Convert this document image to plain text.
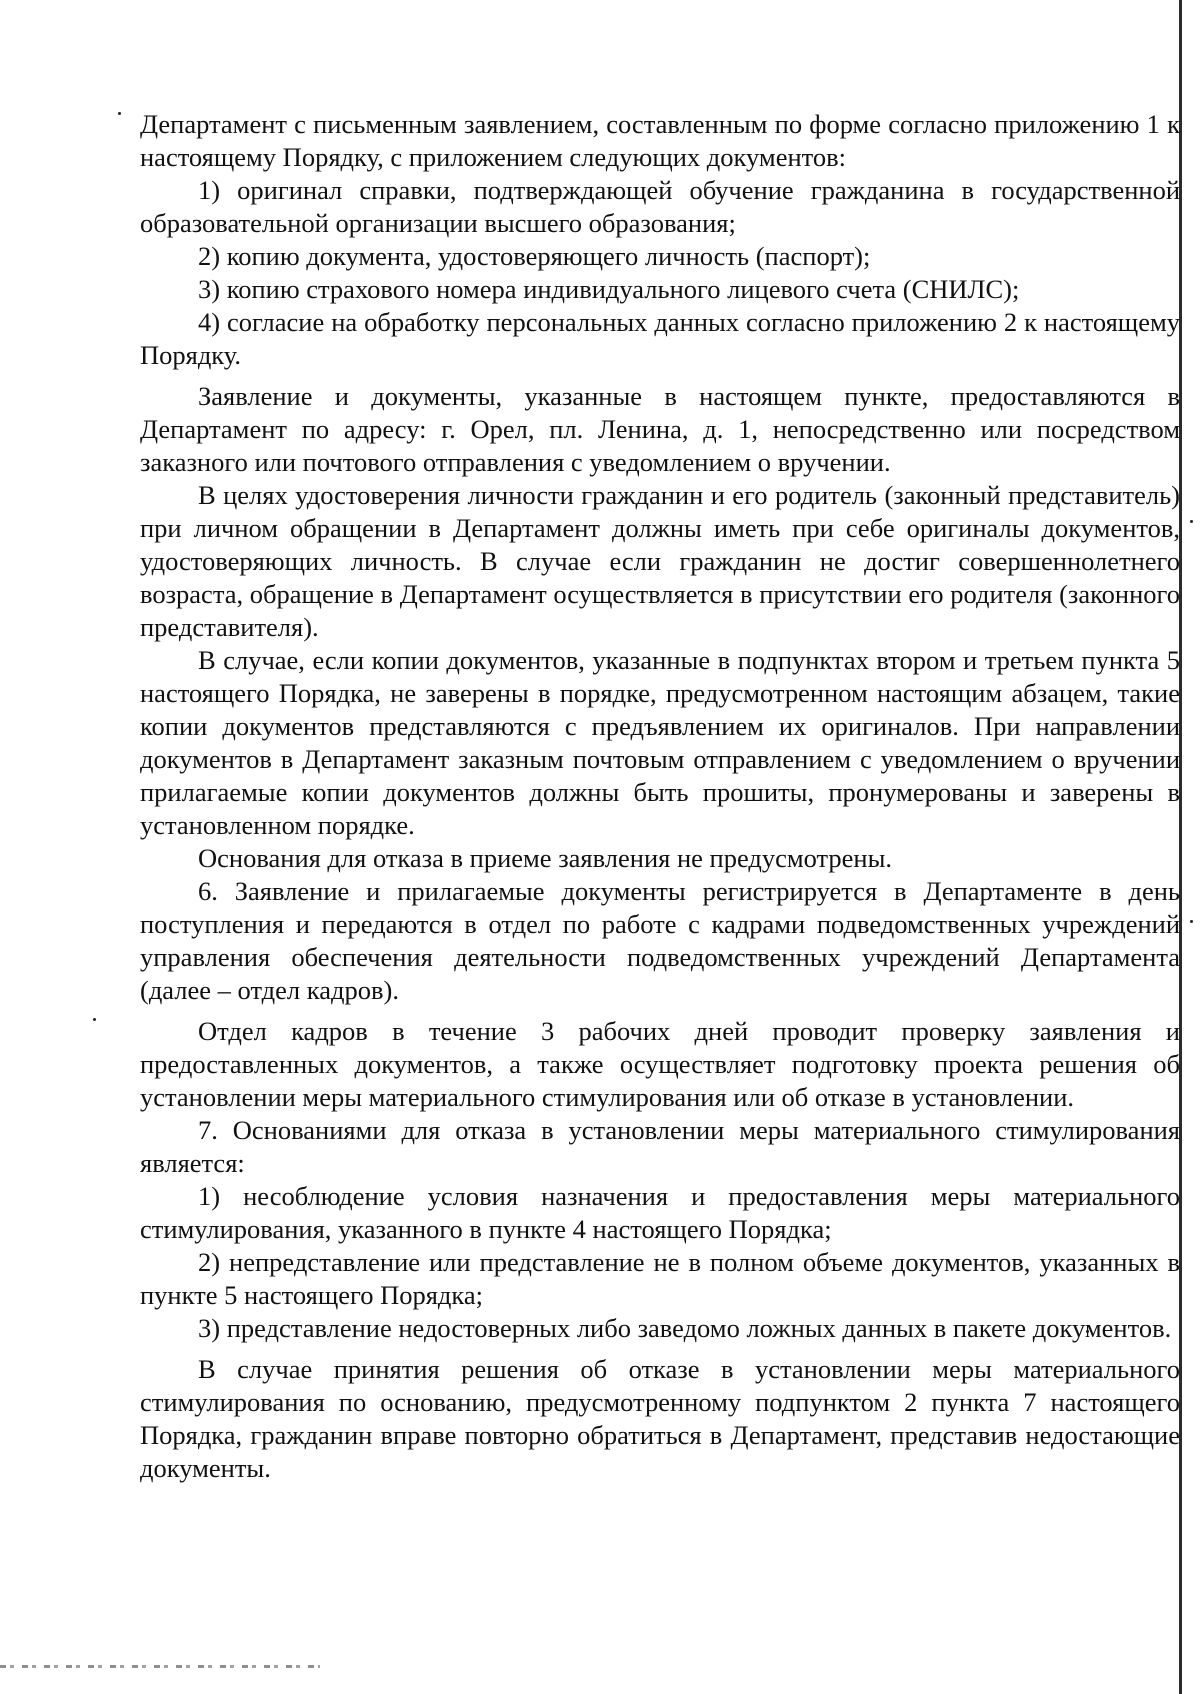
Департамент с письменным заявлением, составленным по форме согласно приложению 1 к настоящему Порядку, с приложением следующих документов:

1) оригинал справки, подтверждающей обучение гражданина в государственной образовательной организации высшего образования;

2) копию документа, удостоверяющего личность (паспорт);

3) копию страхового номера индивидуального лицевого счета (СНИЛС);

4) согласие на обработку персональных данных согласно приложению 2 к настоящему Порядку.

Заявление и документы, указанные в настоящем пункте, предоставляются в Департамент по адресу: г. Орел, пл. Ленина, д. 1, непосредственно или посредством заказного или почтового отправления с уведомлением о вручении.

В целях удостоверения личности гражданин и его родитель (законный представитель) при личном обращении в Департамент должны иметь при себе оригиналы документов, удостоверяющих личность. В случае если гражданин не достиг совершеннолетнего возраста, обращение в Департамент осуществляется в присутствии его родителя (законного представителя).

В случае, если копии документов, указанные в подпунктах втором и третьем пункта 5 настоящего Порядка, не заверены в порядке, предусмотренном настоящим абзацем, такие копии документов представляются с предъявлением их оригиналов. При направлении документов в Департамент заказным почтовым отправлением с уведомлением о вручении прилагаемые копии документов должны быть прошиты, пронумерованы и заверены в установленном порядке.

Основания для отказа в приеме заявления не предусмотрены.

6. Заявление и прилагаемые документы регистрируется в Департаменте в день поступления и передаются в отдел по работе с кадрами подведомственных учреждений управления обеспечения деятельности подведомственных учреждений Департамента (далее – отдел кадров).

Отдел кадров в течение 3 рабочих дней проводит проверку заявления и предоставленных документов, а также осуществляет подготовку проекта решения об установлении меры материального стимулирования или об отказе в установлении.

7. Основаниями для отказа в установлении меры материального стимулирования является:

1) несоблюдение условия назначения и предоставления меры материального стимулирования, указанного в пункте 4 настоящего Порядка;

2) непредставление или представление не в полном объеме документов, указанных в пункте 5 настоящего Порядка;

3) представление недостоверных либо заведомо ложных данных в пакете документов.

В случае принятия решения об отказе в установлении меры материального стимулирования по основанию, предусмотренному подпунктом 2 пункта 7 настоящего Порядка, гражданин вправе повторно обратиться в Департамент, представив недостающие документы.
